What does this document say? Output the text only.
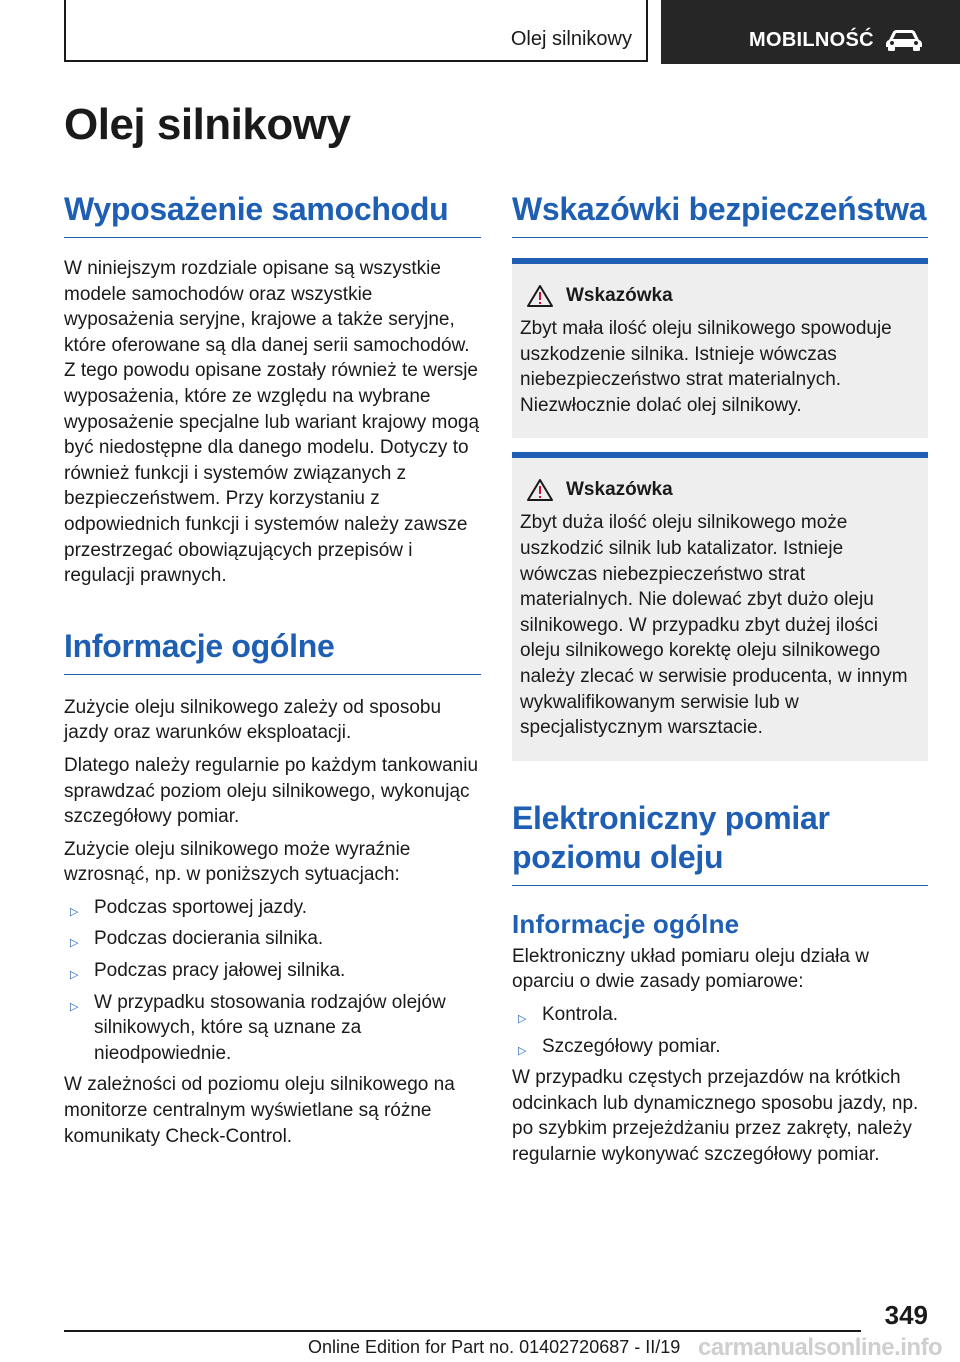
Olej silnikowy	MOBILNOŚĆ
Olej silnikowy
Wyposażenie samochodu

W niniejszym rozdziale opisane są wszystkie modele samochodów oraz wszystkie wyposażenia seryjne, krajowe a także seryjne, które oferowane są dla danej serii samochodów. Z tego powodu opisane zostały również te wersje wyposażenia, które ze względu na wybrane wyposażenie specjalne lub wariant krajowy mogą być niedostępne dla danego modelu. Dotyczy to również funkcji i systemów związanych z bezpieczeństwem. Przy korzystaniu z odpowiednich funkcji i systemów należy zawsze przestrzegać obowiązujących przepisów i regulacji prawnych.

Informacje ogólne

Zużycie oleju silnikowego zależy od sposobu jazdy oraz warunków eksploatacji.

Dlatego należy regularnie po każdym tankowaniu sprawdzać poziom oleju silnikowego, wykonując szczegółowy pomiar.

Zużycie oleju silnikowego może wyraźnie wzrosnąć, np. w poniższych sytuacjach:

▷ Podczas sportowej jazdy.
▷ Podczas docierania silnika.
▷ Podczas pracy jałowej silnika.
▷ W przypadku stosowania rodzajów olejów silnikowych, które są uznane za nieodpowiednie.

W zależności od poziomu oleju silnikowego na monitorze centralnym wyświetlane są różne komunikaty Check-Control.

Wskazówki bezpieczeństwa
Wskazówka

Zbyt mała ilość oleju silnikowego spowoduje uszkodzenie silnika. Istnieje wówczas niebezpieczeństwo strat materialnych. Niezwłocznie dolać olej silnikowy.

Wskazówka

Zbyt duża ilość oleju silnikowego może uszkodzić silnik lub katalizator. Istnieje wówczas niebezpieczeństwo strat materialnych. Nie dolewać zbyt dużo oleju silnikowego. W przypadku zbyt dużej ilości oleju silnikowego korektę oleju silnikowego należy zlecać w serwisie producenta, w innym wykwalifikowanym serwisie lub w specjalistycznym warsztacie.

Elektroniczny pomiar poziomu oleju
Informacje ogólne

Elektroniczny układ pomiaru oleju działa w oparciu o dwie zasady pomiarowe:

▷ Kontrola.
▷ Szczegółowy pomiar.

W przypadku częstych przejazdów na krótkich odcinkach lub dynamicznego sposobu jazdy, np. po szybkim przejeżdżaniu przez zakręty, należy regularnie wykonywać szczegółowy pomiar.

349
Online Edition for Part no. 01402720687 - II/19 carmanualsonline.info
